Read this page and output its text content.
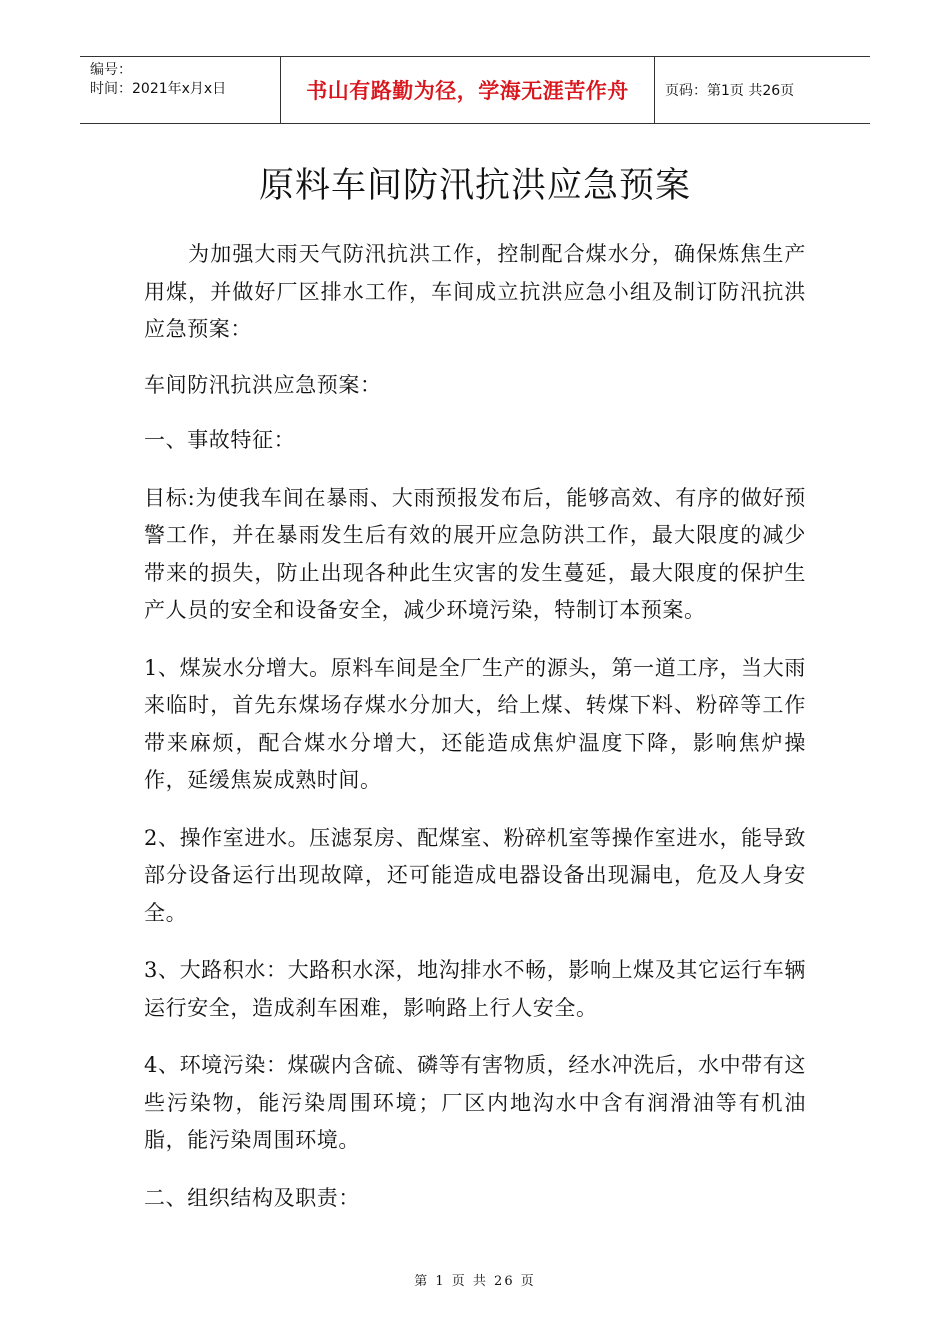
编号：
时间：2021年x月x日	书山有路勤为径，学海无涯苦作舟	页码：第1页 共26页
原料车间防汛抗洪应急预案

　　为加强大雨天气防汛抗洪工作，控制配合煤水分，确保炼焦生产用煤，并做好厂区排水工作，车间成立抗洪应急小组及制订防汛抗洪应急预案：

车间防汛抗洪应急预案：

一、事故特征：

目标:为使我车间在暴雨、大雨预报发布后，能够高效、有序的做好预警工作，并在暴雨发生后有效的展开应急防洪工作，最大限度的减少带来的损失，防止出现各种此生灾害的发生蔓延，最大限度的保护生产人员的安全和设备安全，减少环境污染，特制订本预案。

1、煤炭水分增大。原料车间是全厂生产的源头，第一道工序，当大雨来临时，首先东煤场存煤水分加大，给上煤、转煤下料、粉碎等工作带来麻烦，配合煤水分增大，还能造成焦炉温度下降，影响焦炉操作，延缓焦炭成熟时间。

2、操作室进水。压滤泵房、配煤室、粉碎机室等操作室进水，能导致部分设备运行出现故障，还可能造成电器设备出现漏电，危及人身安全。

3、大路积水：大路积水深，地沟排水不畅，影响上煤及其它运行车辆运行安全，造成刹车困难，影响路上行人安全。

4、环境污染：煤碳内含硫、磷等有害物质，经水冲洗后，水中带有这些污染物，能污染周围环境；厂区内地沟水中含有润滑油等有机油脂，能污染周围环境。

二、组织结构及职责：

第 1 页 共 26 页
